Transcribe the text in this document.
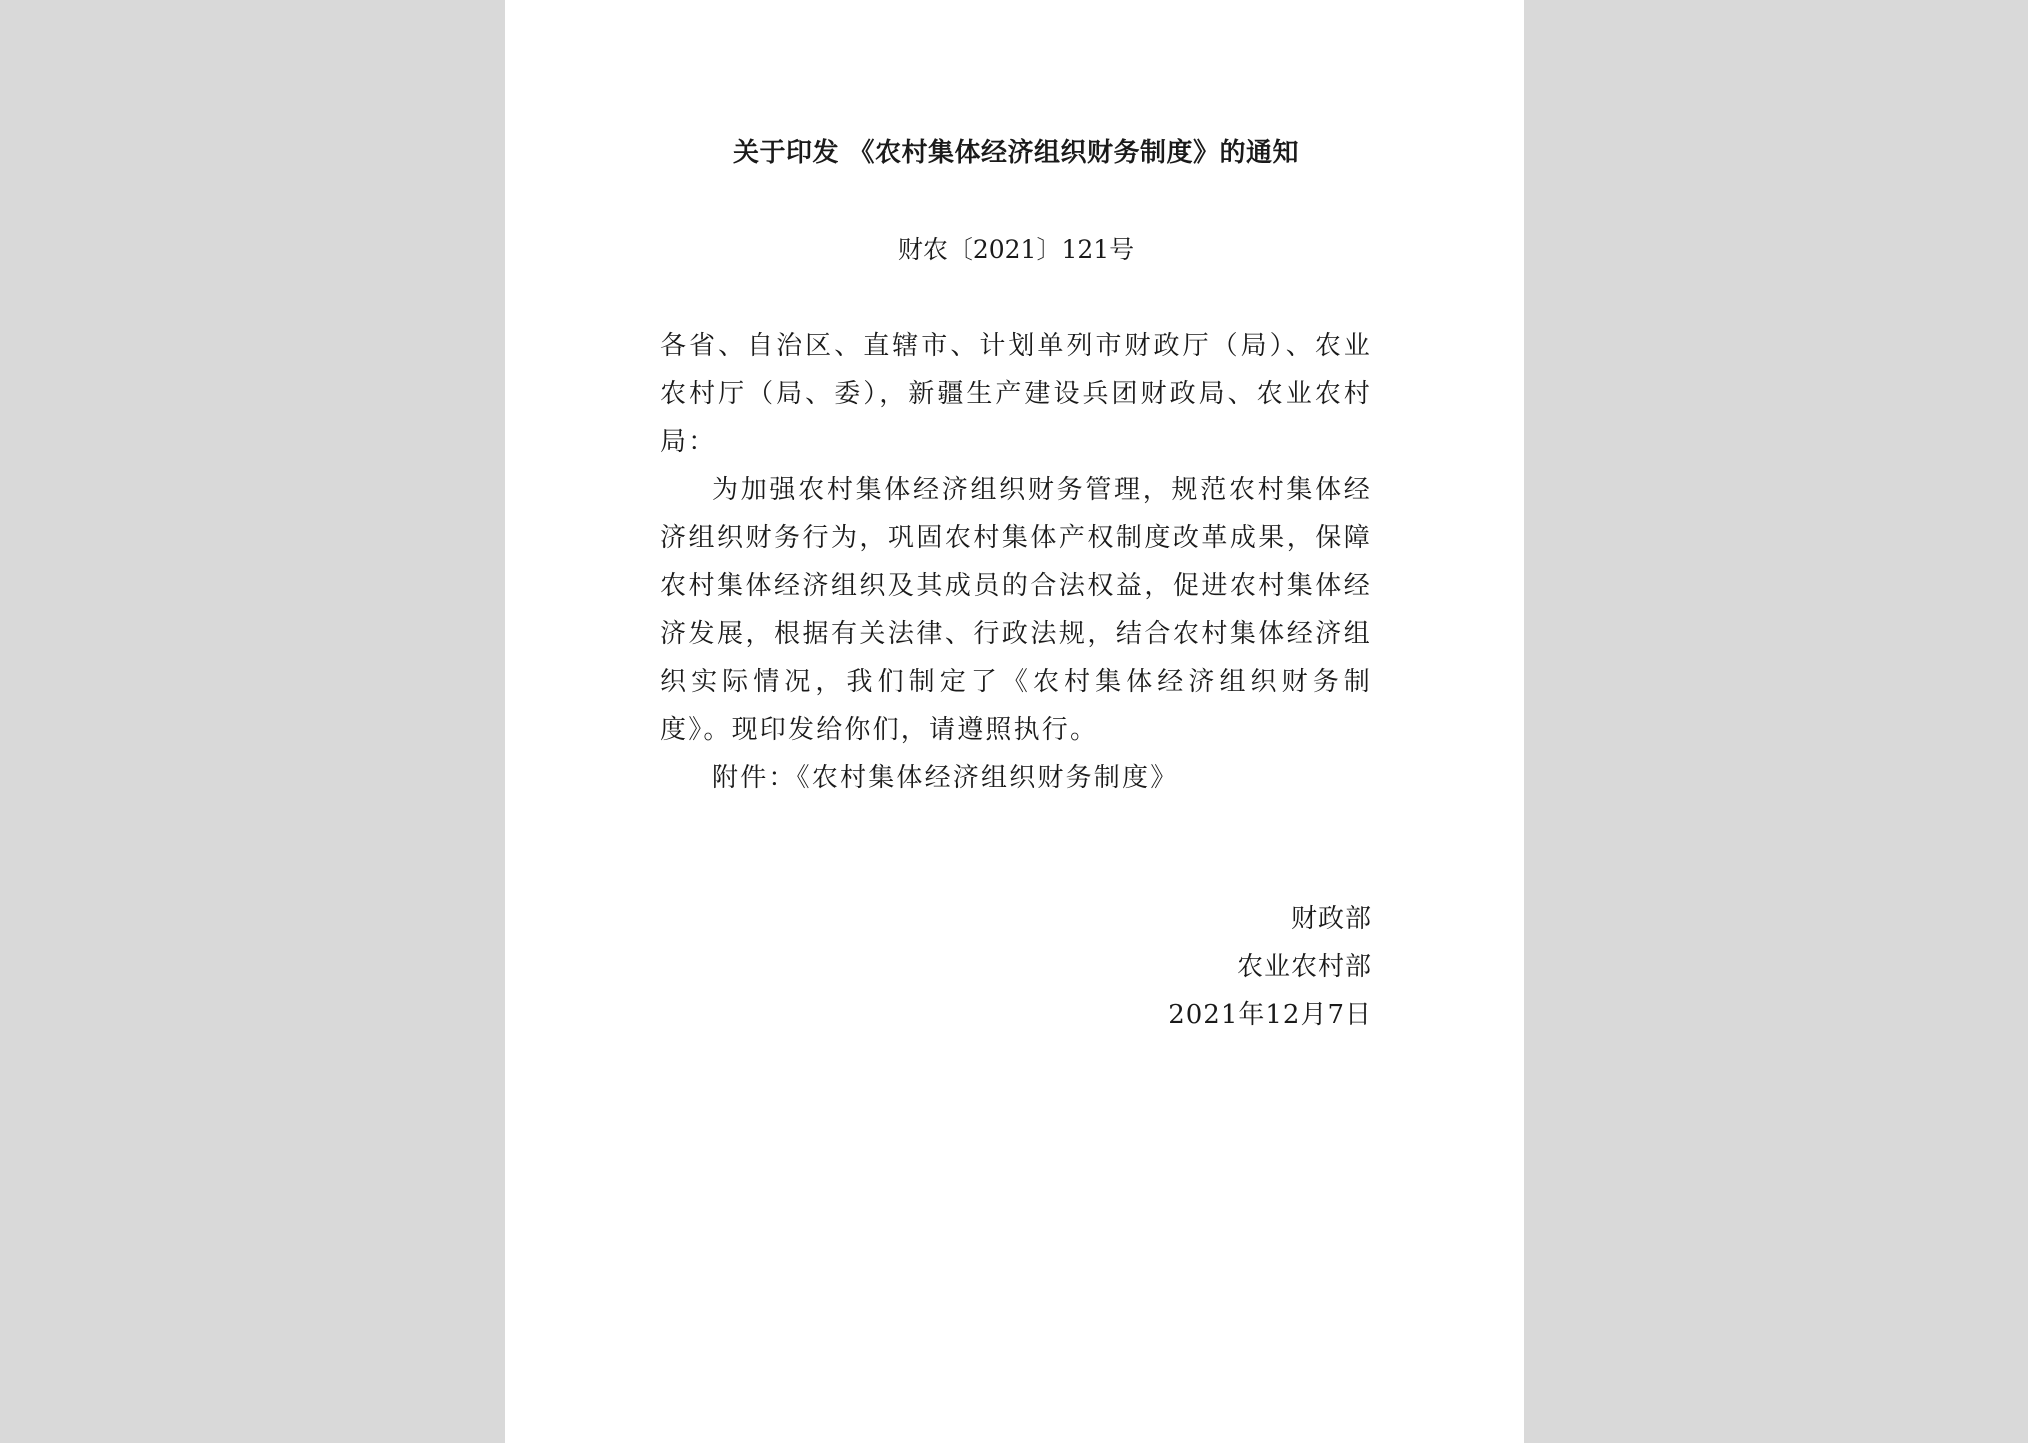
关于印发 《农村集体经济组织财务制度》的通知
财农〔2021〕121号

各省、自治区、直辖市、计划单列市财政厅（局）、农业农村厅（局、委），新疆生产建设兵团财政局、农业农村局：

为加强农村集体经济组织财务管理，规范农村集体经济组织财务行为，巩固农村集体产权制度改革成果，保障农村集体经济组织及其成员的合法权益，促进农村集体经济发展，根据有关法律、行政法规，结合农村集体经济组织实际情况，我们制定了《农村集体经济组织财务制度》。现印发给你们，请遵照执行。

附件：《农村集体经济组织财务制度》

财政部
农业农村部
2021年12月7日
